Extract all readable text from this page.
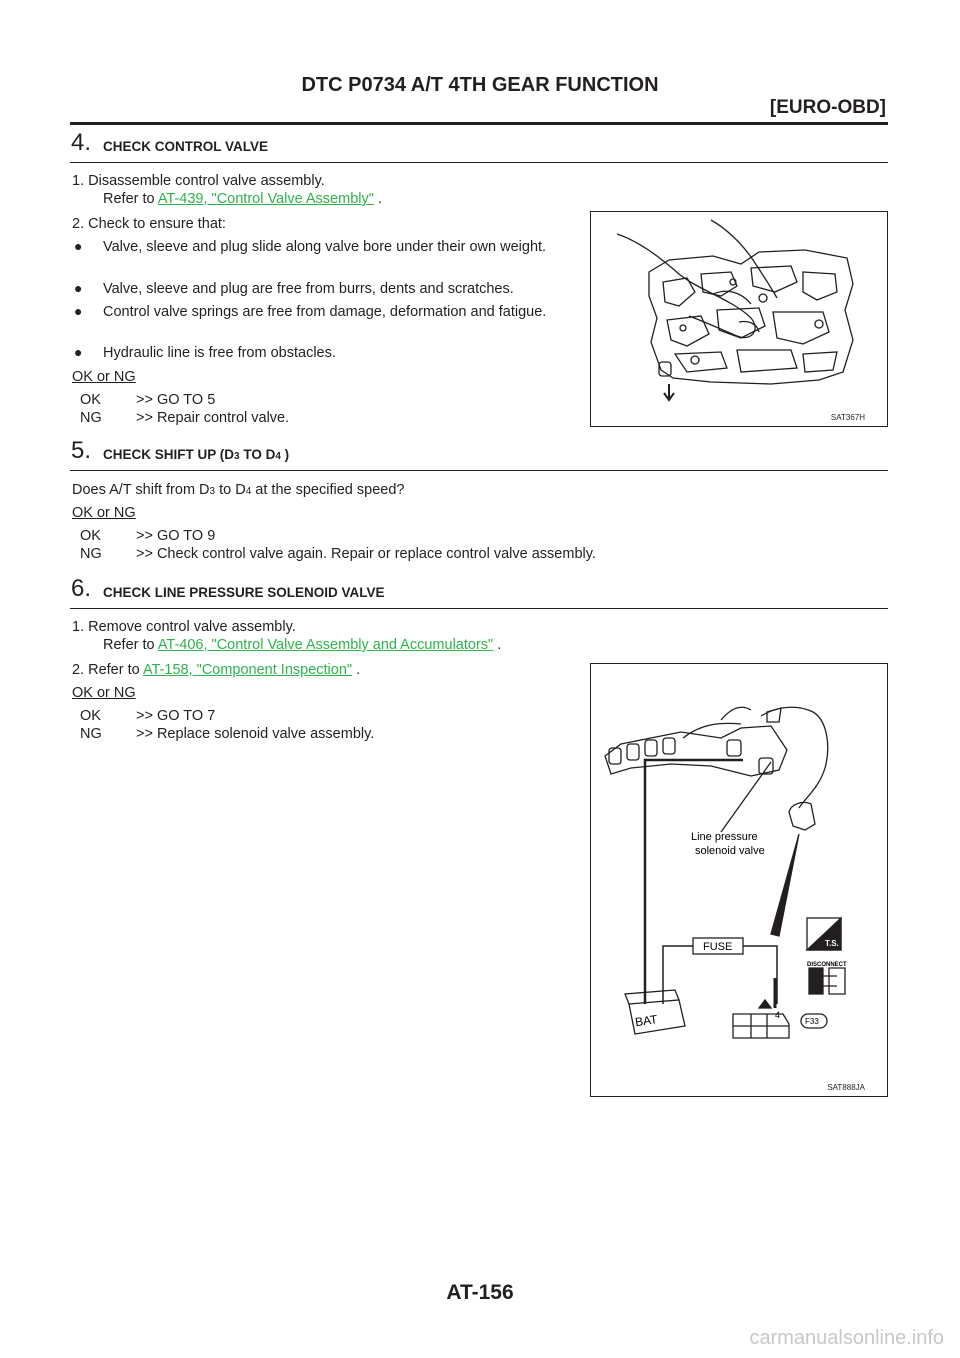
DTC P0734 A/T 4TH GEAR FUNCTION
[EURO-OBD]
4. CHECK CONTROL VALVE
1. Disassemble control valve assembly.
Refer to AT-439, "Control Valve Assembly" .
2. Check to ensure that:
● Valve, sleeve and plug slide along valve bore under their own weight.
● Valve, sleeve and plug are free from burrs, dents and scratches.
● Control valve springs are free from damage, deformation and fatigue.
● Hydraulic line is free from obstacles.
OK or NG
OK >> GO TO 5
NG >> Repair control valve.	SAT367H
5. CHECK SHIFT UP (D3 TO D4 )
Does A/T shift from D3 to D4 at the specified speed?
OK or NG
OK >> GO TO 9
NG >> Check control valve again. Repair or replace control valve assembly.
6. CHECK LINE PRESSURE SOLENOID VALVE
1. Remove control valve assembly.
Refer to AT-406, "Control Valve Assembly and Accumulators" .
2. Refer to AT-158, "Component Inspection" .
OK or NG
OK >> GO TO 7
NG >> Replace solenoid valve assembly.
Line pressure
solenoid valve
FUSE
BAT
T.S.
DISCONNECT
F33
4
SAT888JA
AT-156
carmanualsonline.info
